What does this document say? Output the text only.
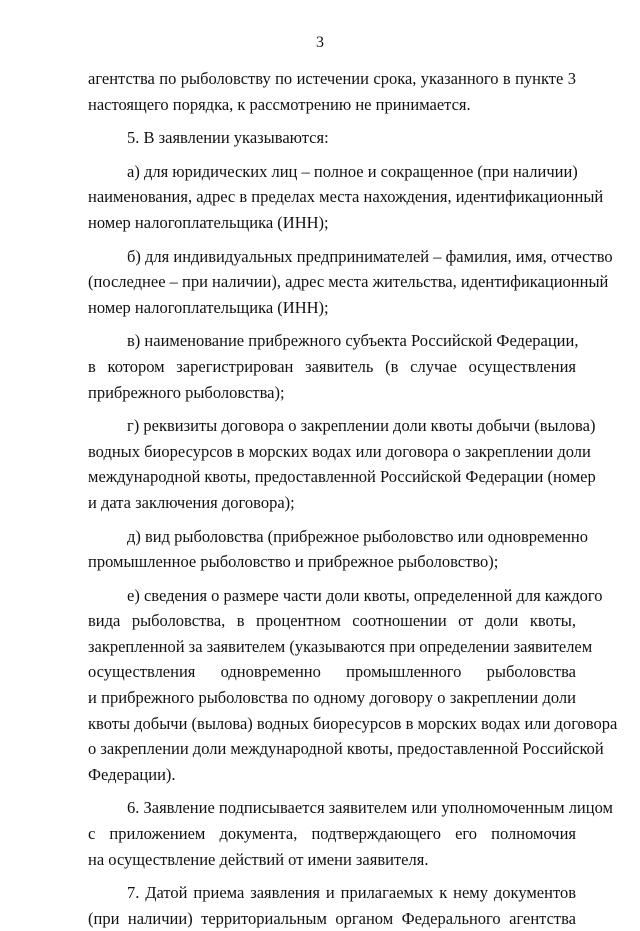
3
агентства по рыболовству по истечении срока, указанного в пункте 3
настоящего порядка, к рассмотрению не принимается.
5. В заявлении указываются:
а) для юридических лиц – полное и сокращенное (при наличии)
наименования, адрес в пределах места нахождения, идентификационный
номер налогоплательщика (ИНН);
б) для индивидуальных предпринимателей – фамилия, имя, отчество
(последнее – при наличии), адрес места жительства, идентификационный
номер налогоплательщика (ИНН);
в) наименование прибрежного субъекта Российской Федерации,
в котором зарегистрирован заявитель (в случае осуществления
прибрежного рыболовства);
г) реквизиты договора о закреплении доли квоты добычи (вылова)
водных биоресурсов в морских водах или договора о закреплении доли
международной квоты, предоставленной Российской Федерации (номер
и дата заключения договора);
д) вид рыболовства (прибрежное рыболовство или одновременно
промышленное рыболовство и прибрежное рыболовство);
е) сведения о размере части доли квоты, определенной для каждого
вида рыболовства, в процентном соотношении от доли квоты,
закрепленной за заявителем (указываются при определении заявителем
осуществления одновременно промышленного рыболовства
и прибрежного рыболовства по одному договору о закреплении доли
квоты добычи (вылова) водных биоресурсов в морских водах или договора
о закреплении доли международной квоты, предоставленной Российской
Федерации).
6. Заявление подписывается заявителем или уполномоченным лицом
с приложением документа, подтверждающего его полномочия
на осуществление действий от имени заявителя.
7. Датой приема заявления и прилагаемых к нему документов
(при наличии) территориальным органом Федерального агентства
